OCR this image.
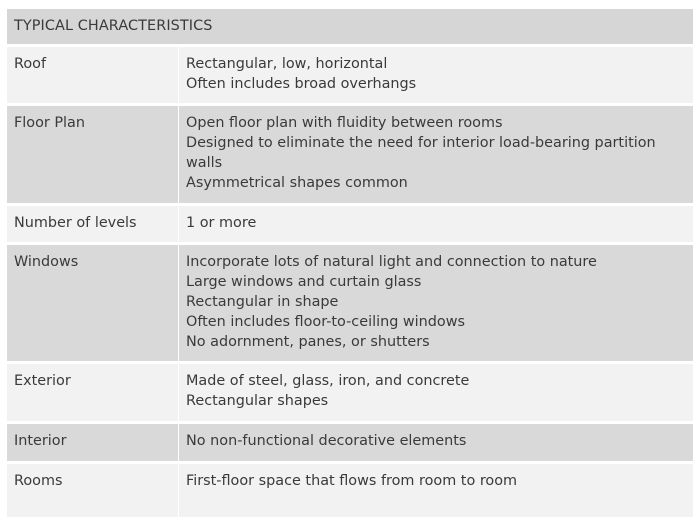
TYPICAL CHARACTERISTICS	
Roof	Rectangular, low, horizontal
Often includes broad overhangs

Floor Plan	Open floor plan with fluidity between rooms
Designed to eliminate the need for interior load-bearing partition walls
Asymmetrical shapes common

Number of levels	1 or more

Windows	Incorporate lots of natural light and connection to nature
Large windows and curtain glass
Rectangular in shape
Often includes floor-to-ceiling windows
No adornment, panes, or shutters

Exterior	Made of steel, glass, iron, and concrete
Rectangular shapes

Interior	No non-functional decorative elements

Rooms	First-floor space that flows from room to room
